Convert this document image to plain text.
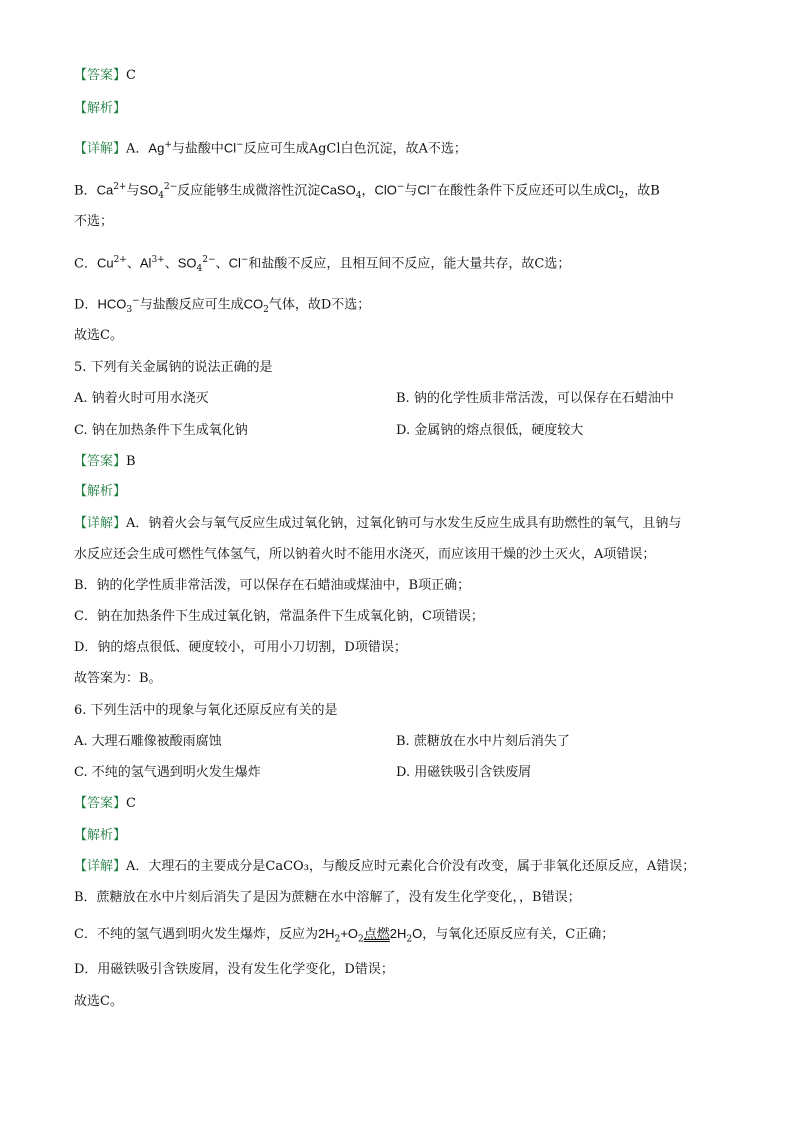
【答案】C
【解析】
【详解】A．Ag+与盐酸中Cl−反应可生成AgCl白色沉淀，故A不选；
B．$Ca^{2+}$与$SO_4^{2-}$反应能够生成微溶性沉淀CaSO$_4$，ClO−与Cl−在酸性条件下反应还可以生成$Cl_2$，故B
不选；
C．$Cu^{2+}$、$Al^{3+}$、$SO_4^{2-}$、Cl−和盐酸不反应，且相互间不反应，能大量共存，故C选；
D．$HCO_3^-$与盐酸反应可生成$CO_2$气体，故D不选；
故选C。
5. 下列有关金属钠的说法正确的是
A. 钠着火时可用水浇灭	B. 钠的化学性质非常活泼，可以保存在石蜡油中
C. 钠在加热条件下生成氧化钠	D. 金属钠的熔点很低，硬度较大
【答案】B
【解析】
【详解】A．钠着火会与氧气反应生成过氧化钠，过氧化钠可与水发生反应生成具有助燃性的氧气，且钠与
水反应还会生成可燃性气体氢气，所以钠着火时不能用水浇灭，而应该用干燥的沙土灭火，A项错误；
B．钠的化学性质非常活泼，可以保存在石蜡油或煤油中，B项正确；
C．钠在加热条件下生成过氧化钠，常温条件下生成氧化钠，C项错误；
D．钠的熔点很低、硬度较小，可用小刀切割，D项错误；
故答案为：B。
6. 下列生活中的现象与氧化还原反应有关的是
A. 大理石雕像被酸雨腐蚀	B. 蔗糖放在水中片刻后消失了
C. 不纯的氢气遇到明火发生爆炸	D. 用磁铁吸引含铁废屑
【答案】C
【解析】
【详解】A．大理石的主要成分是CaCO₃，与酸反应时元素化合价没有改变，属于非氧化还原反应，A错误；
B．蔗糖放在水中片刻后消失了是因为蔗糖在水中溶解了，没有发生化学变化，，B错误；
C．不纯的氢气遇到明火发生爆炸，反应为$2H_2+O_2$点燃$2H_2O$，与氧化还原反应有关，C正确；
D．用磁铁吸引含铁废屑，没有发生化学变化，D错误；
故选C。
